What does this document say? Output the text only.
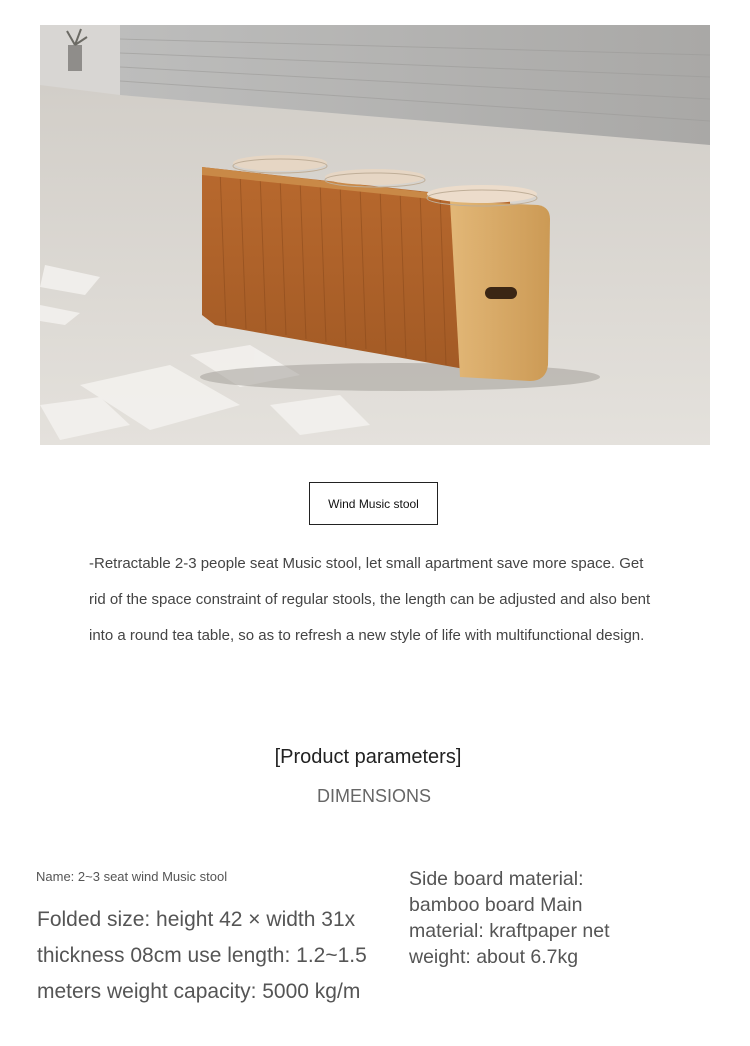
Wind Music stool
-Retractable 2-3 people seat Music stool, let small apartment save more space. Get rid of the space constraint of regular stools, the length can be adjusted and also bent into a round tea table, so as to refresh a new style of life with multifunctional design.
[Product parameters]
DIMENSIONS
Name: 2~3 seat wind Music stool
Folded size: height 42 × width 31x thickness 08cm use length: 1.2~1.5 meters weight capacity: 5000 kg/m
Side board material: bamboo board Main material: kraftpaper net weight: about 6.7kg
